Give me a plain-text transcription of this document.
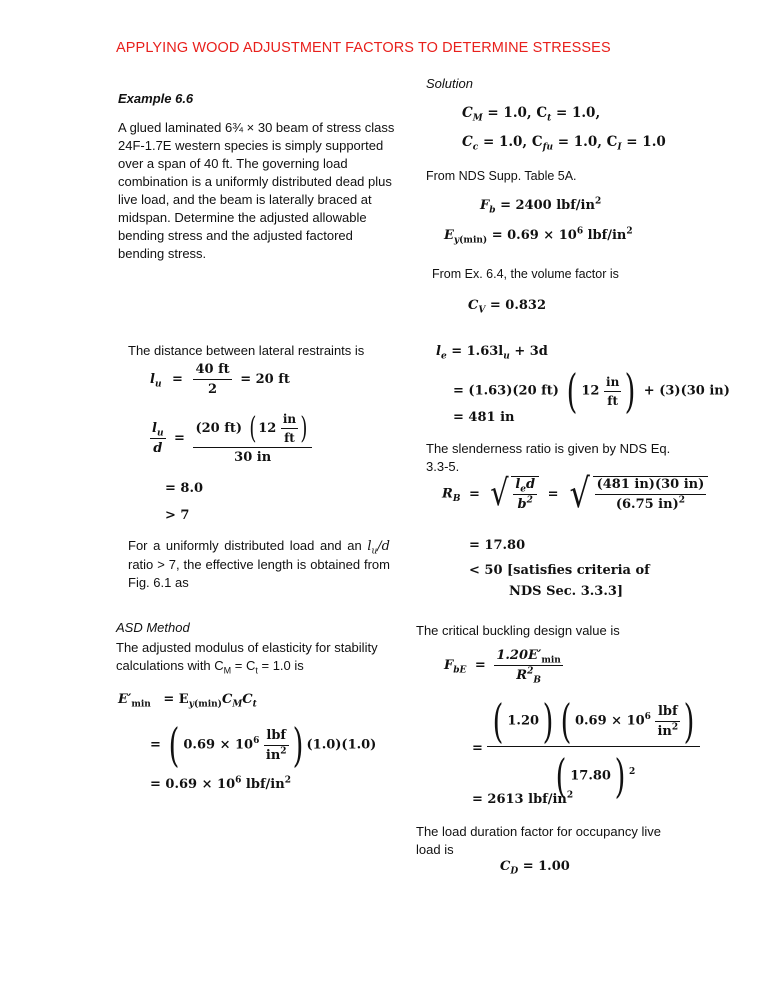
APPLYING WOOD ADJUSTMENT FACTORS TO DETERMINE STRESSES
Example 6.6
A glued laminated 6¾ × 30 beam of stress class 24F-1.7E western species is simply supported over a span of 40 ft. The governing load combination is a uniformly distributed dead plus live load, and the beam is laterally braced at midspan. Determine the adjusted allowable bending stress and the adjusted factored bending stress.
The distance between lateral restraints is
$l_u = \frac{40 ft}{2} = 20$ ft
$\frac{l_u}{d} = \frac{(20 ft) ( 12 \frac{in}{ft} )}{30 in}$
= 8.0
> 7
For a uniformly distributed load and an $l_u/d$ ratio > 7, the effective length is obtained from Fig. 6.1 as
ASD Method
The adjusted modulus of elasticity for stability calculations with $C_M = C_t = 1.0$ is
$E'_{min} = E_{y(min)}C_MC_t$
= ( $0.69 \times 10^6 \frac{\text{lbf}}{in^2}$ ) (1.0)(1.0)
= $0.69 \times 10^6$ lbf/$in^2$
Solution
$C_M = 1.0$, $C_t = 1.0$,
$C_c = 1.0$, $C_{fu} = 1.0$, $C_I = 1.0$
From NDS Supp. Table 5A.
$F_b = 2400$ lbf/$in^2$
$E_{y(min)} = 0.69 \times 10^6$ lbf/$in^2$
From Ex. 6.4, the volume factor is
$C_V = 0.832$
$l_e = 1.63l_u + 3d$
= (1.63)(20 ft) ( $12 \frac{in}{ft}$ ) + (3)(30 in)
= 481 in
The slenderness ratio is given by NDS Eq. 3.3-5.
$R_B$ = √ $\frac{l_ed}{b^2}$ = √ $\frac{(481 in)(30 in)}{(6.75 in)^2}$
= 17.80
< 50 [satisfies criteria of
NDS Sec. 3.3.3]
The critical buckling design value is
$F_{bE} = \frac{1.20E'_{min}}{R^2_B}$
= $\frac{( 1.20) ( 0.69 \times 10^6 \frac{\text{lbf}}{in^2} )}{( 17.80) ^2}$
= 2613 lbf/$in^2$
The load duration factor for occupancy live load is
$C_D = 1.00$
